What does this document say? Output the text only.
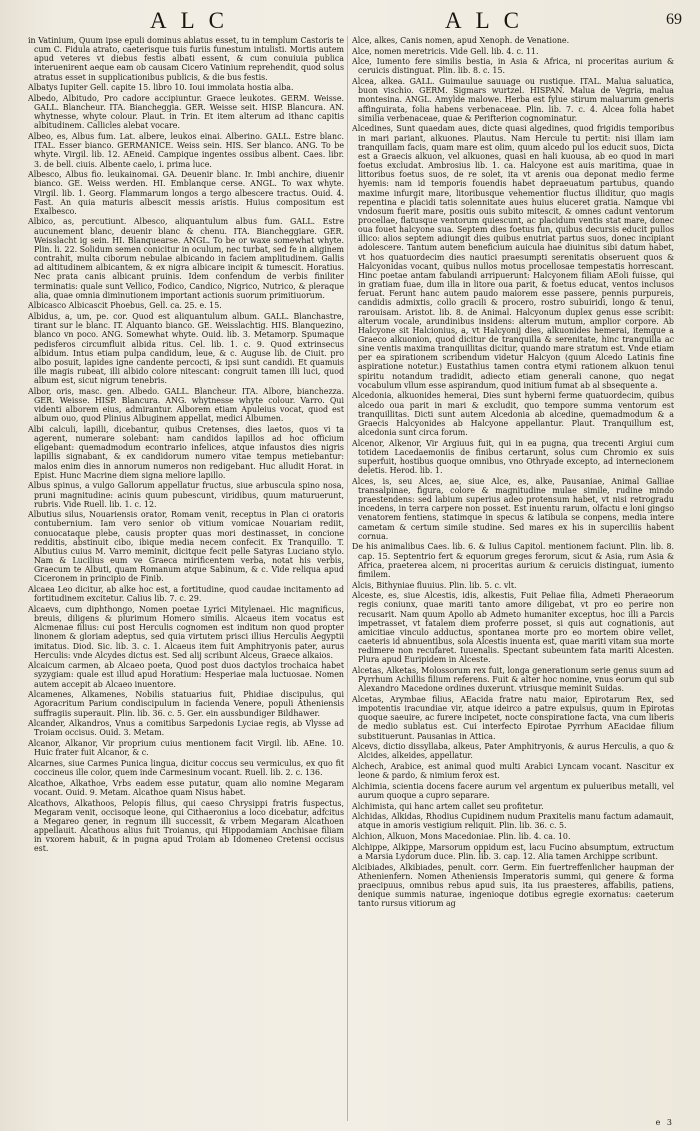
ALC	ALC	69

in Vatinium, Quum ipse epuli dominus ablatus esset, tu in templum Castoris te cum C. Fidula atrato, caeterisque tuis furiis funestum intulisti. Mortis autem apud veteres vt diebus festis albati essent, & cum conuiuia publica interuenirent aeque eam ob causam Cicero Vatinium reprehendit, quod solus atratus esset in supplicationibus publicis, & die bus festis.

Albatys Iupiter Gell. capite 15. libro 10. Ioui immolata hostia alba.

Albedo, Albitudo, Pro cadore accipiuntur. Graece leukotes. GERM. Weisse. GALL. Blancheur. ITA. Biancheggia. GER. Weisse seit. HISP. Blancura. AN. whytnesse, whyte colour. Plaut. in Trin. Et item alterum ad ithanc capitis albitudinem. Callicles alebat vocare.

Albeo, es, Albus fum. Lat. albere, leukos einai. Alberino. GALL. Estre blanc. ITAL. Esser bianco. GERMANICE. Weiss sein. HIS. Ser blanco. ANG. To be whyte. Virgil. lib. 12. AEneid. Campique ingentes ossibus albent. Caes. libr. 3. de bell. ciuis. Albente caelo, i. prima luce.

Albesco, Albus fio. leukainomai. GA. Deuenir blanc. Ir. Imbi anchire, diuenir bianco. GE. Weiss werden. HI. Emblanque cerse. ANGL. To wax whyte. Virgil. lib. 1. Georg. Flammarum longos a tergo albescere tractus. Ouid. 4. Fast. An quia maturis albescit messis aristis. Huius compositum est Exalbesco.

Albico, as, percutiunt. Albesco, aliquantulum albus fum. GALL. Estre aucunement blanc, deuenir blanc & chenu. ITA. Biancheggiare. GER. Weisslacht ig sein. HI. Blanquearse. ANGL. To be or waxe somewhat whyte. Plin. li. 22. Solidum semen conicitur in oculum, nec turbat, sed fe in aliginem contrahit, multa ciborum nebulae albicando in faciem amplitudinem. Gallis ad altitudinem albicantem, & ex nigra albicare incipit & tumescit. Horatius. Nec prata canis albicant pruinis. Idem confendum de verbis finiliter terminatis: quale sunt Vellico, Fodico, Candico, Nigrico, Nutrico, & pleraque alia, quae omnia diminutionem important actionis suorum primitiuorum.

Albicasco Albicascit Phoebus, Gell. ca. 25. e. 15.

Albidus, a, um, pe. cor. Quod est aliquantulum album. GALL. Blanchastre, tirant sur le blanc. IT. Alquanto bianco. GE. Weisslachtig. HIS. Blanquezino, blanco vn poco. ANG. Somewhat whyte. Ouid. lib. 3. Metamorp. Spumaque pedisferos circumfluit albida ritus. Cel. lib. 1. c. 9. Quod extrinsecus albidum. Intus etiam pulpa candidum, leue, & c. Auguse lib. de Ciuit. pro albo posuit, lapides igne candente percocti, & ipsi sunt candidi. Et quamuis ille magis rubeat, illi albido colore nitescant: congruit tamen illi luci, quod album est, sicut nigrum tenebris.

Albor, oris, masc. gen. Albedo. GALL. Blancheur. ITA. Albore, bianchezza. GER. Weisse. HISP. Blancura. ANG. whytnesse whyte colour. Varro. Qui videnti alborem eius, admirantur. Alborem etiam Apuleius vocat, quod est album ouo, quod Plinius Albuginem appellat, medici Albumen.

Albi calculi, lapilli, dicebantur, quibus Cretenses, dies laetos, quos vi ta agerent, numerare solebant: nam candidos lapillos ad hoc officium eligebant: quemadmodum econtrario infelices, atque infaustos dies nigris lapillis signabant, & ex candidorum numero vitae tempus metiebantur: malos enim dies in annorum numeros non redigebant. Huc alludit Horat. in Epist. Hunc Macrine diem signa meliore lapillo.

Albus spinus, a vulgo Gallorum appellatur fructus, siue arbuscula spino nosa, pruni magnitudine: acinis quum pubescunt, viridibus, quum maturuerunt, rubris. Vide Ruell. lib. 1. c. 12.

Albutius silus, Nouariensis orator, Romam venit, receptus in Plan ci oratoris contubernium. Iam vero senior ob vitium vomicae Nouariam rediit, conuocataque plebe, causis propter quas mori destinasset, in concione redditis, abstinuit cibo, ibique media necem confecit. Ex Tranquillo. T. Albutius cuius M. Varro meminit, dicitque fecit pelle Satyras Luciano stylo. Nam & Lucilius eum ve Graeca mirificentem verba, notat his verbis, Graecum te Albuti, quam Romanum atque Sabinum, & c. Vide reliqua apud Ciceronem in principio de Finib.

Alcaea Leo dicitur, ab alke hoc est, a fortitudine, quod caudae incitamento ad fortitudinem excitetur. Calius lib. 7. c. 29.

Alcaevs, cum diphthongo, Nomen poetae Lyrici Mitylenaei. Hic magnificus, breuis, diligens & plurimum Homero similis. Alcaeus item vocatus est Alcmenae filius: cui post Herculis cognomen est inditum non quod propter linonem & gloriam adeptus, sed quia virtutem prisci illius Herculis Aegyptii imitatus. Diod. Sic. lib. 3. c. 1. Alcaeus item fuit Amphitryonis pater, aurus Herculis: vnde Alcydes dictus est. Sed alij scribunt Alceus, Graece alkaios.

Alcaicum carmen, ab Alcaeo poeta, Quod post duos dactylos trochaica habet syzygiam: quale est illud apud Horatium: Hesperiae mala luctuosae. Nomen autem accepit ab Alcaeo inuentore.

Alcamenes, Alkamenes, Nobilis statuarius fuit, Phidiae discipulus, qui Agoracritum Parium condiscipulum in facienda Venere, populi Atheniensis suffragiis superauit. Plin. lib. 36. c. 5. Ger. ein aussbundiger Bildhawer.

Alcander, Alkandros, Vnus a comitibus Sarpedonis Lyciae regis, ab Vlysse ad Troiam occisus. Ouid. 3. Metam.

Alcanor, Alkanor, Vir proprium cuius mentionem facit Virgil. lib. AEne. 10. Huic frater fuit Alcanor, & c.

Alcarnes, siue Carmes Punica lingua, dicitur coccus seu vermiculus, ex quo fit coccineus ille color, quem inde Carmesinum vocant. Ruell. lib. 2. c. 136.

Alcathoe, Alkathoe, Vrbs eadem esse putatur, quam alio nomine Megaram vocant. Ouid. 9. Metam. Alcathoe quam Nisus habet.

Alcathovs, Alkathoos, Pelopis filius, qui caeso Chrysippi fratris fuspectus, Megaram venit, occisoque leone, qui Cithaeronius a loco dicebatur, adfcitus a Megareo gener, in regnum illi successit, & vrbem Megaram Alcathoen appellauit. Alcathous alius fuit Troianus, qui Hippodamiam Anchisae filiam in vxorem habuit, & in pugna apud Troiam ab Idomeneo Cretensi occisus est.

Alce, alkes, Canis nomen, apud Xenoph. de Venatione.

Alce, nomen meretricis. Vide Gell. lib. 4. c. 11.

Alce, Iumento fere similis bestia, in Asia & Africa, ni proceritas aurium & ceruicis distinguat. Plin. lib. 8. c. 15.

Alcea, alkea. GALL. Guimaulue sauuage ou rustique. ITAL. Malua saluatica, buon vischio. GERM. Sigmars wurtzel. HISPAN. Malua de Vegria, malua montesina. ANGL. Amylde malowe. Herba est fylue stirum maluarum generis affinguirata, folia habens verbenaceae. Plin. lib. 7. c. 4. Alcea folia habet similia verbenaceae, quae & Perifterion cognominatur.

Alcedines, Sunt quaedam aues, dicte quasi algedines, quod frigidis temporibus in mari pariant, alkuones. Plautus. Nam Hercule tu pertit: nisi illam iam tranquillam facis, quam mare est olim, quum alcedo pul los educit suos, Dicta est a Graecis alkuon, vel alkuones, quasi en hali kuousa, ab eo quod in mari foetus excludat. Ambrosius lib. 1. ca. Halcyone est auis maritima, quae in littoribus foetus suos, de re solet, ita vt arenis oua deponat medio ferme hyemis: nam id temporis fouendis habet depraeuatum partubus, quando maxime infurgit mare, litoribusque vehementior fluctus illiditur, quo magis repentina e placidi tatis solennitate aues huius eluceret gratia. Namque vbi vndosum fuerit mare, positis ouis subito mitescit, & omnes cadunt ventorum procellae, flatusque ventorum quiescunt, ac placidum ventis stat mare, donec oua fouet halcyone sua. Septem dies foetus fun, quibus decursis educit pullos illico: alios septem adiungit dies quibus enutriat partus suos, donec incipiant adolescere. Tantum autem beneficium auicula hae diuinitus sibi datum habet, vt hos quatuordecim dies nautici praesumpti serenitatis obseruent quos & Halcyonidas vocant, quibus nullos motus procellosae tempestatis horrescant. Hinc poetae antam fabulandi arripuerunt: Halcyonem filiam AEoli fuisse, qui in gratiam fuae, dum illa in litore oua parit, & foetus educat, ventos inclusos feruat. Ferunt hanc autem paudo maiorem esse passere, pennis purpureis, candidis admixtis, collo gracili & procero, rostro subuiridi, longo & tenui, rarouisam. Aristot. lib. 8. de Animal. Halcyonum duplex genus esse scribit: alterum vocale, arundinibus insidens: alterum mutum, amplior corpore. Ab Halcyone sit Halcionius, a, vt Halcyonij dies, alkuonides hemerai, itemque a Graeco alkuonion, quod dicitur de tranquilla & serenitate, hinc tranquilla ac sine ventis maxima tranquillitas dicitur, quando mare stratum est. Vnde etiam per ea spirationem scribendum videtur Halcyon (quum Alcedo Latinis fine aspiratione notetur.) Eustathius tamen contra etymi rationem alkuon tenui spiritu notandum tradidit, adiecto etiam generali canone, quo negat vocabulum vllum esse aspirandum, quod initium fumat ab al sbsequente a.

Alcedonia, alkuonides hemerai, Dies sunt hyberni ferme quatuordecim, quibus alcedo oua parit in mari & excludit, quo tempore summa ventorum est tranquillitas. Dicti sunt autem Alcedonia ab alcedine, quemadmodum & a Graecis Halcyonides ab Halcyone appellantur. Plaut. Tranquillum est, alcedonia sunt circa forum.

Alcenor, Alkenor, Vir Argiuus fuit, qui in ea pugna, qua trecenti Argiui cum totidem Lacedaemoniis de finibus certarunt, solus cum Chromio ex suis superfuit, hostibus quoque omnibus, vno Othryade excepto, ad internecionem deletis. Herod. lib. 1.

Alces, is, seu Alces, ae, siue Alce, es, alke, Pausaniae, Animal Galliae transalpinae, figura, colore & magnitudine mulae simile, rudine mindo praestendens: sed labium superius adeo protensum habet, vt nisi retrogradu incedens, in terra carpere non posset. Est inuentu rarum, olfactu e loni gingso venatorem fentiens, statimque in specus & latibula se conpens, media intere cametam & certum simile studine. Sed mares ex his in superciliis habent cornua.

De his animalibus Caes. lib. 6. & Iulius Capitol. mentionem faciunt. Plin. lib. 8. cap. 15. Septentrio fert & equorum greges ferorum, sicut & Asia, rum Asia & Africa, praeterea alcem, ni proceritas aurium & ceruicis distinguat, iumento fimilem.

Alcis, Bithyniae fluuius. Plin. lib. 5. c. vlt.

Alceste, es, siue Alcestis, idis, alkestis, Fuit Peliae filia, Admeti Pheraeorum regis coniunx, quae mariti tanto amore diligebat, vt pro eo perire non recusarit. Nam quum Apollo ab Admeto humaniter exceptus, hoc illi a Parcis impetrasset, vt fatalem diem proferre posset, si quis aut cognationis, aut amicitiae vinculo adductus, spontanea morte pro eo mortem obire vellet, caeteris id abnuentibus, sola Alcestis inuenta est, quae mariti vitam sua morte redimere non recufaret. Iuuenalis. Spectant subeuntem fata mariti Alcesten. Plura apud Euripidem in Alceste.

Alcetas, Alketas, Molossorum rex fuit, longa generationum serie genus suum ad Pyrrhum Achillis filium referens. Fuit & alter hoc nomine, vnus eorum qui sub Alexandro Macedone ordines duxerunt. vtriusque meminit Suidas.

Alcetas, Arymbae filius, AEacida fratre natu maior, Epirotarum Rex, sed impotentis iracundiae vir, atque ideirco a patre expulsus, quum in Epirotas quoque saeuire, ac furere incipetet, nocte conspiratione facta, vna cum liberis de medio sublatus est. Cui interfecto Epirotae Pyrrhum AEacidae filium substituerunt. Pausanias in Attica.

Alcevs, dictio dissyllaba, alkeus, Pater Amphitryonis, & aurus Herculis, a quo & Alcides, alkeides, appellatur.

Alchech, Arabice, est animal quod multi Arabici Lyncam vocant. Nascitur ex leone & pardo, & nimium ferox est.

Alchimia, scientia docens facere aurum vel argentum ex pulueribus metalli, vel aurum quoque a cupro separare.

Alchimista, qui hanc artem callet seu profitetur.

Alchidas, Alkidas, Rhodius Cupidinem nudum Praxitelis manu factum adamauit, atque in amoris vestigium reliquit. Plin. lib. 36. c. 5.

Alchion, Alkuon, Mons Macedoniae. Plin. lib. 4. ca. 10.

Alchippe, Alkippe, Marsorum oppidum est, lacu Fucino absumptum, extructum a Marsia Lydorum duce. Plin. lib. 3. cap. 12. Alia tamen Archippe scribunt.

Alcibiades, Alkibiades, penult. corr. Germ. Ein fuertreffenlicher haupman der Athenienfern. Nomen Atheniensis Imperatoris summi, qui genere & forma praecipuus, omnibus rebus apud suis, ita ius praesteres, affabilis, patiens, denique summis naturae, ingenioque dotibus egregie exornatus: caeterum tanto rursus vitiorum ag

e 3
